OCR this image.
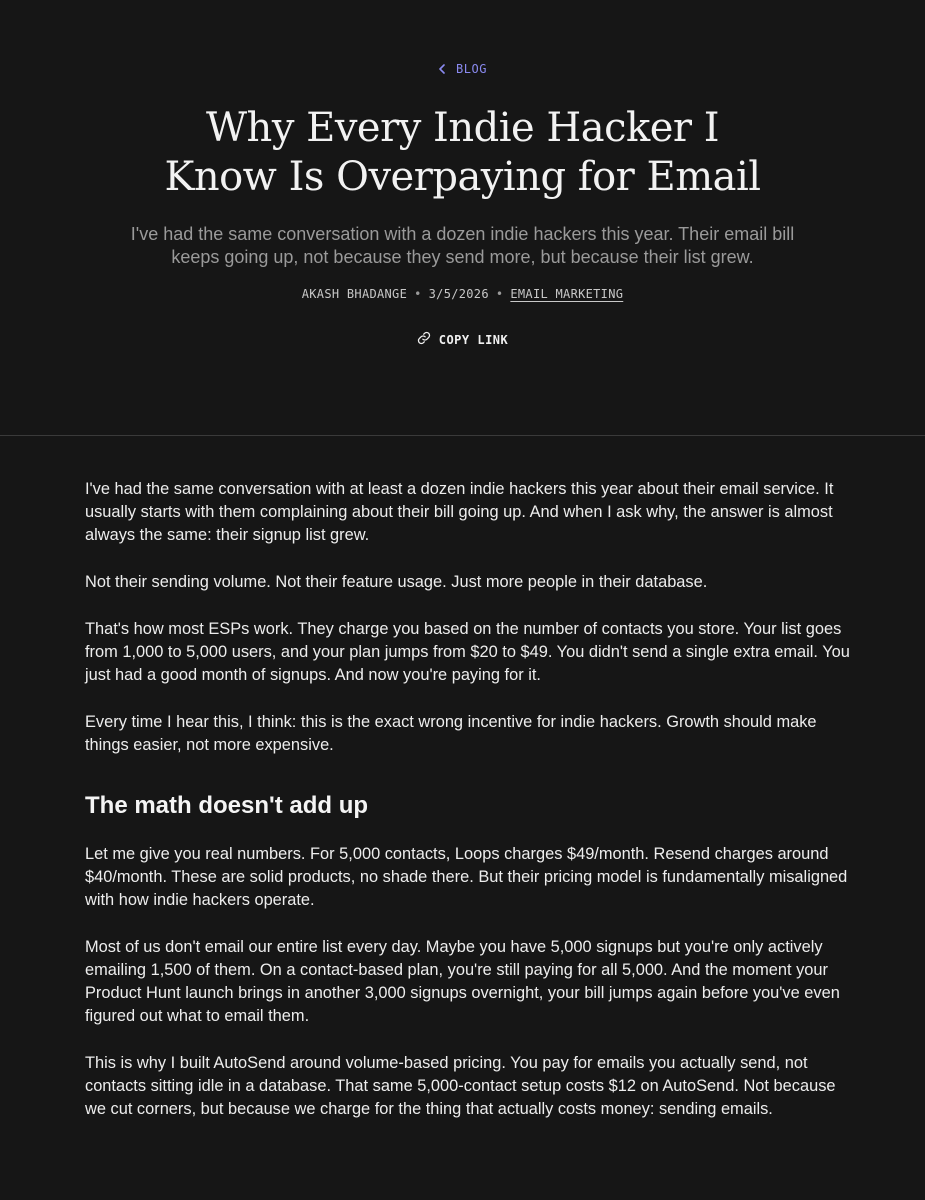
BLOG
Why Every Indie Hacker I Know Is Overpaying for Email

I've had the same conversation with a dozen indie hackers this year. Their email bill keeps going up, not because they send more, but because their list grew.

AKASH BHADANGE • 3/5/2026 • EMAIL MARKETING
COPY LINK

I've had the same conversation with at least a dozen indie hackers this year about their email service. It usually starts with them complaining about their bill going up. And when I ask why, the answer is almost always the same: their signup list grew.

Not their sending volume. Not their feature usage. Just more people in their database.

That's how most ESPs work. They charge you based on the number of contacts you store. Your list goes from 1,000 to 5,000 users, and your plan jumps from $20 to $49. You didn't send a single extra email. You just had a good month of signups. And now you're paying for it.

Every time I hear this, I think: this is the exact wrong incentive for indie hackers. Growth should make things easier, not more expensive.

The math doesn't add up

Let me give you real numbers. For 5,000 contacts, Loops charges $49/month. Resend charges around $40/month. These are solid products, no shade there. But their pricing model is fundamentally misaligned with how indie hackers operate.

Most of us don't email our entire list every day. Maybe you have 5,000 signups but you're only actively emailing 1,500 of them. On a contact-based plan, you're still paying for all 5,000. And the moment your Product Hunt launch brings in another 3,000 signups overnight, your bill jumps again before you've even figured out what to email them.

This is why I built AutoSend around volume-based pricing. You pay for emails you actually send, not contacts sitting idle in a database. That same 5,000-contact setup costs $12 on AutoSend. Not because we cut corners, but because we charge for the thing that actually costs money: sending emails.
